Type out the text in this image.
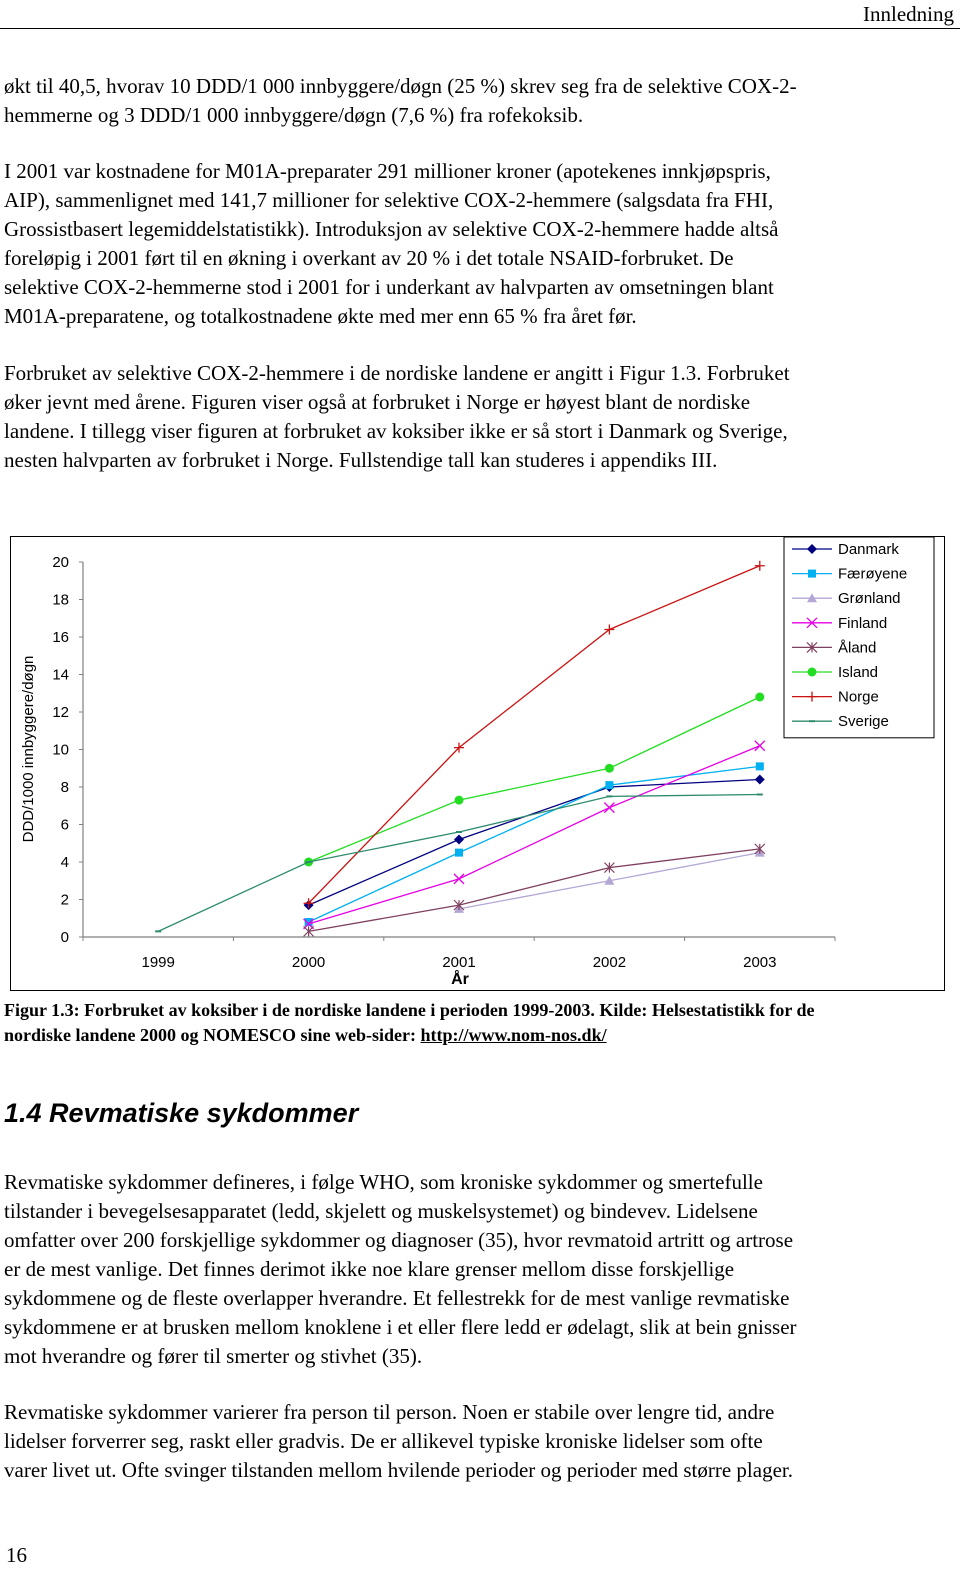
Innledning

økt til 40,5, hvorav 10 DDD/1 000 innbyggere/døgn (25 %) skrev seg fra de selektive COX-2-
hemmerne og 3 DDD/1 000 innbyggere/døgn (7,6 %) fra rofekoksib.

I 2001 var kostnadene for M01A-preparater 291 millioner kroner (apotekenes innkjøpspris,
AIP), sammenlignet med 141,7 millioner for selektive COX-2-hemmere (salgsdata fra FHI,
Grossistbasert legemiddelstatistikk). Introduksjon av selektive COX-2-hemmere hadde altså
foreløpig i 2001 ført til en økning i overkant av 20 % i det totale NSAID-forbruket. De
selektive COX-2-hemmerne stod i 2001 for i underkant av halvparten av omsetningen blant
M01A-preparatene, og totalkostnadene økte med mer enn 65 % fra året før.

Forbruket av selektive COX-2-hemmere i de nordiske landene er angitt i Figur 1.3. Forbruket
øker jevnt med årene. Figuren viser også at forbruket i Norge er høyest blant de nordiske
landene. I tillegg viser figuren at forbruket av koksiber ikke er så stort i Danmark og Sverige,
nesten halvparten av forbruket i Norge. Fullstendige tall kan studeres i appendiks III.

0
2
4
6
8
10
12
14
16
18
20
1999	2000	2001	2002	2003
Danmark
Færøyene
Grønland
Finland
Åland
Island
Norge
Sverige
DDD/1000 innbyggere/døgn
År
Figur 1.3: Forbruket av koksiber i de nordiske landene i perioden 1999-2003. Kilde: Helsestatistikk for de
nordiske landene 2000 og NOMESCO sine web-sider: http://www.nom-nos.dk/
1.4 Revmatiske sykdommer

Revmatiske sykdommer defineres, i følge WHO, som kroniske sykdommer og smertefulle
tilstander i bevegelsesapparatet (ledd, skjelett og muskelsystemet) og bindevev. Lidelsene
omfatter over 200 forskjellige sykdommer og diagnoser (35), hvor revmatoid artritt og artrose
er de mest vanlige. Det finnes derimot ikke noe klare grenser mellom disse forskjellige
sykdommene og de fleste overlapper hverandre. Et fellestrekk for de mest vanlige revmatiske
sykdommene er at brusken mellom knoklene i et eller flere ledd er ødelagt, slik at bein gnisser
mot hverandre og fører til smerter og stivhet (35).

Revmatiske sykdommer varierer fra person til person. Noen er stabile over lengre tid, andre
lidelser forverrer seg, raskt eller gradvis. De er allikevel typiske kroniske lidelser som ofte
varer livet ut. Ofte svinger tilstanden mellom hvilende perioder og perioder med større plager.

16
